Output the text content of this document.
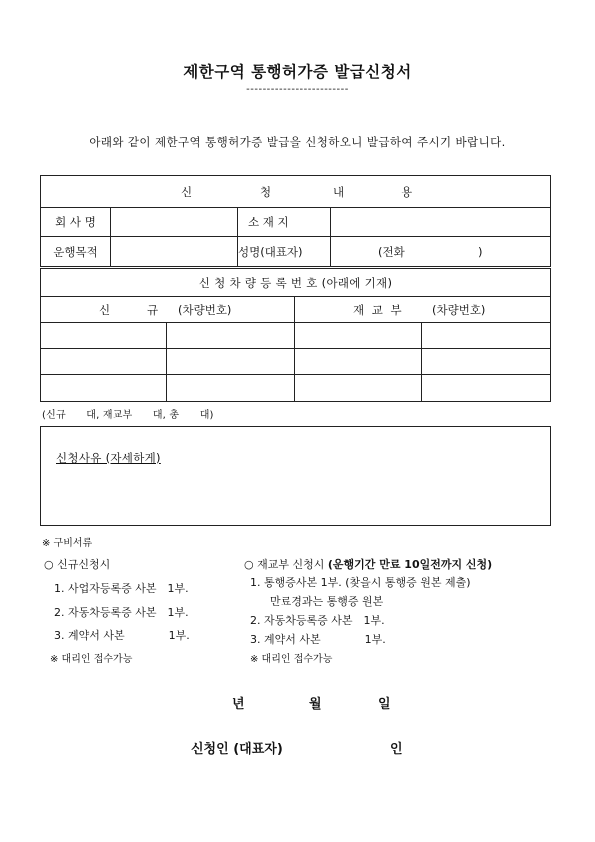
제한구역 통행허가증 발급신청서
-------------------------
아래와 같이 제한구역 통행허가증 발급을 신청하오니 발급하여 주시기 바랍니다.
신	청	내	용
회 사 명	소 재 지
운행목적	성명(대표자)	(전화	)
신 청 차 량 등 록 번 호 (아래에 기재)
신	규 (차량번호)	재 교 부	(차량번호)
(신규　　대, 재교부　　대, 총　　대)
신청사유 (자세하게)
※ 구비서류
○ 신규신청시
1. 사업자등록증 사본　1부.
2. 자동차등록증 사본　1부.
3. 계약서 사본　　　　1부.
※ 대리인 접수가능
○ 재교부 신청시 (운행기간 만료 10일전까지 신청)
1. 통행증사본 1부. (찾을시 통행증 원본 제출)
만료경과는 통행증 원본
2. 자동차등록증 사본　1부.
3. 계약서 사본　　　　1부.
※ 대리인 접수가능
년	월	일
신청인 (대표자)	인
